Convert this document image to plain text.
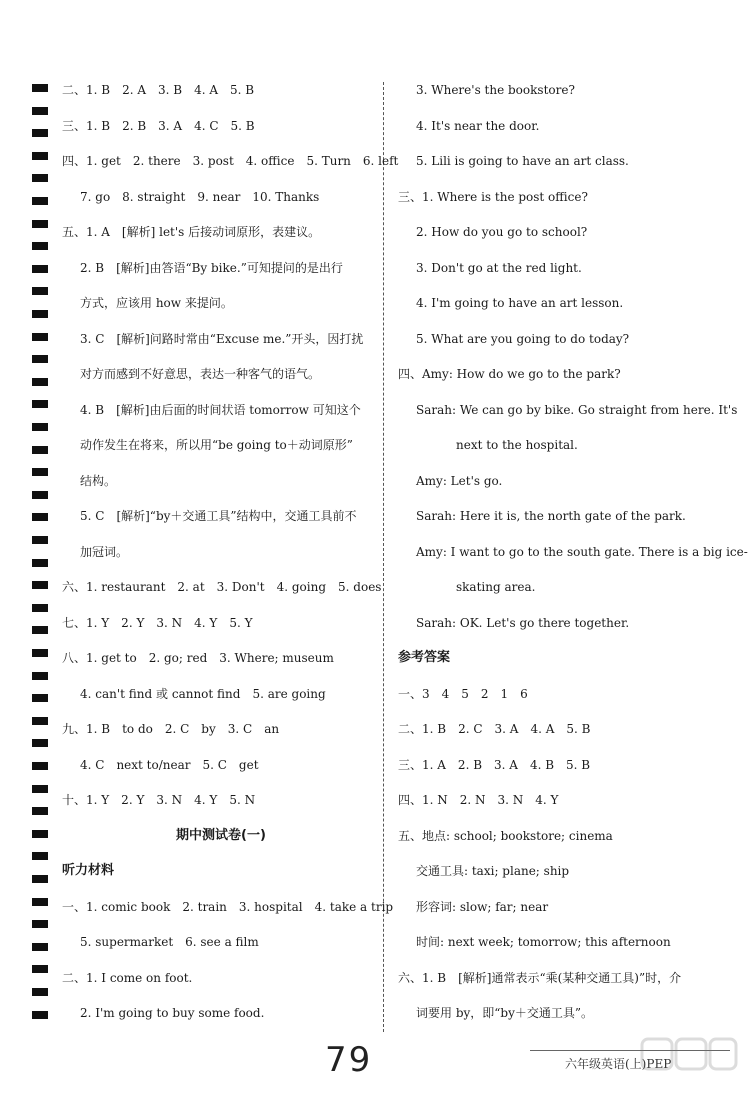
二、1. B　2. A　3. B　4. A　5. B
三、1. B　2. B　3. A　4. C　5. B
四、1. get　2. there　3. post　4. office　5. Turn　6. left
7. go　8. straight　9. near　10. Thanks
五、1. A　[解析] let's 后接动词原形，表建议。
2. B　[解析]由答语“By bike.”可知提问的是出行
方式，应该用 how 来提问。
3. C　[解析]问路时常由“Excuse me.”开头，因打扰
对方而感到不好意思，表达一种客气的语气。
4. B　[解析]由后面的时间状语 tomorrow 可知这个
动作发生在将来，所以用“be going to＋动词原形”
结构。
5. C　[解析]“by＋交通工具”结构中，交通工具前不
加冠词。
六、1. restaurant　2. at　3. Don't　4. going　5. does
七、1. Y　2. Y　3. N　4. Y　5. Y
八、1. get to　2. go; red　3. Where; museum
4. can't find 或 cannot find　5. are going
九、1. B　to do　2. C　by　3. C　an
4. C　next to/near　5. C　get
十、1. Y　2. Y　3. N　4. Y　5. N
期中测试卷(一)
听力材料
一、1. comic book　2. train　3. hospital　4. take a trip
5. supermarket　6. see a film
二、1. I come on foot.
2. I'm going to buy some food.
3. Where's the bookstore?
4. It's near the door.
5. Lili is going to have an art class.
三、1. Where is the post office?
2. How do you go to school?
3. Don't go at the red light.
4. I'm going to have an art lesson.
5. What are you going to do today?
四、Amy: How do we go to the park?
Sarah: We can go by bike. Go straight from here. It's
next to the hospital.
Amy: Let's go.
Sarah: Here it is, the north gate of the park.
Amy: I want to go to the south gate. There is a big ice-
skating area.
Sarah: OK. Let's go there together.
参考答案
一、3　4　5　2　1　6
二、1. B　2. C　3. A　4. A　5. B
三、1. A　2. B　3. A　4. B　5. B
四、1. N　2. N　3. N　4. Y
五、地点: school; bookstore; cinema
交通工具: taxi; plane; ship
形容词: slow; far; near
时间: next week; tomorrow; this afternoon
六、1. B　[解析]通常表示“乘(某种交通工具)”时，介
词要用 by，即“by＋交通工具”。
79	六年级英语(上)PEP
